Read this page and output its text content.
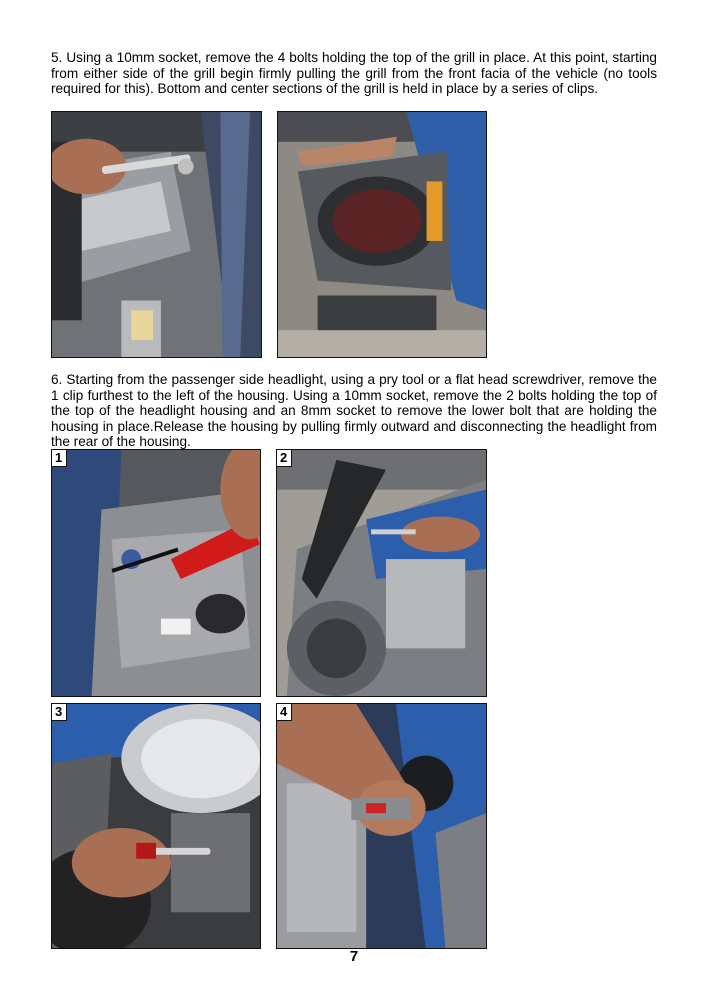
5. Using a 10mm socket, remove the 4 bolts holding the top of the grill in place. At this point, starting from either side of the grill begin firmly pulling the grill from the front facia of the vehicle (no tools required for this). Bottom and center sections of the grill is held in place by a series of clips.

6. Starting from the passenger side headlight, using a pry tool or a flat head screwdriver, remove the 1 clip furthest to the left of the housing. Using a 10mm socket, remove the 2 bolts holding the top of the top of the headlight housing and an 8mm socket to remove the lower bolt that are holding the housing in place.Release the housing by pulling firmly outward and disconnecting the headlight from the rear of the housing.

1	2
3	4
7
